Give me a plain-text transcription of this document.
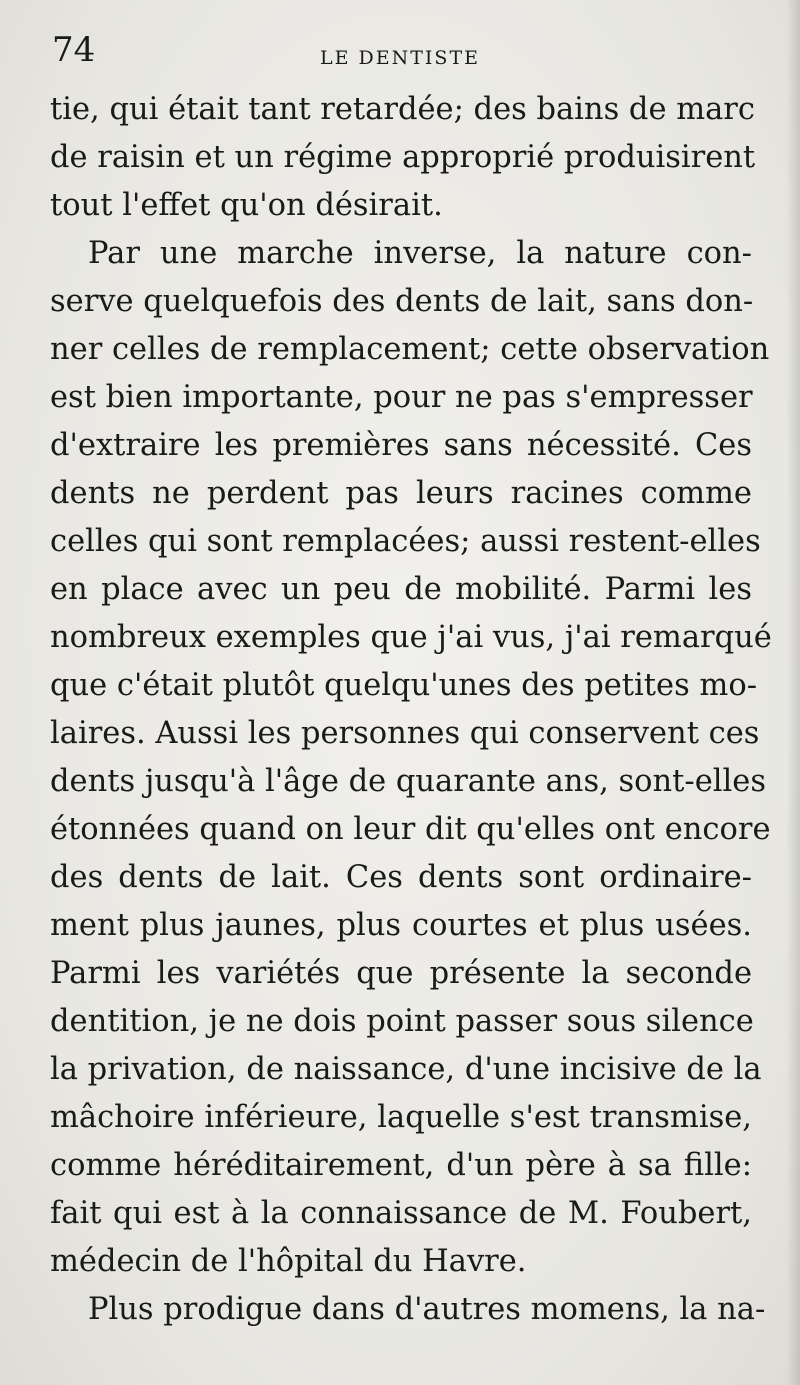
74	LE DENTISTE
tie, qui était tant retardée; des bains de marc
de raisin et un régime approprié produisirent
tout l'effet qu'on désirait.
Par une marche inverse, la nature con-
serve quelquefois des dents de lait, sans don-
ner celles de remplacement; cette observation
est bien importante, pour ne pas s'empresser
d'extraire les premières sans nécessité. Ces
dents ne perdent pas leurs racines comme
celles qui sont remplacées; aussi restent-elles
en place avec un peu de mobilité. Parmi les
nombreux exemples que j'ai vus, j'ai remarqué
que c'était plutôt quelqu'unes des petites mo-
laires. Aussi les personnes qui conservent ces
dents jusqu'à l'âge de quarante ans, sont-elles
étonnées quand on leur dit qu'elles ont encore
des dents de lait. Ces dents sont ordinaire-
ment plus jaunes, plus courtes et plus usées.
Parmi les variétés que présente la seconde
dentition, je ne dois point passer sous silence
la privation, de naissance, d'une incisive de la
mâchoire inférieure, laquelle s'est transmise,
comme héréditairement, d'un père à sa fille:
fait qui est à la connaissance de M. Foubert,
médecin de l'hôpital du Havre.
Plus prodigue dans d'autres momens, la na-
